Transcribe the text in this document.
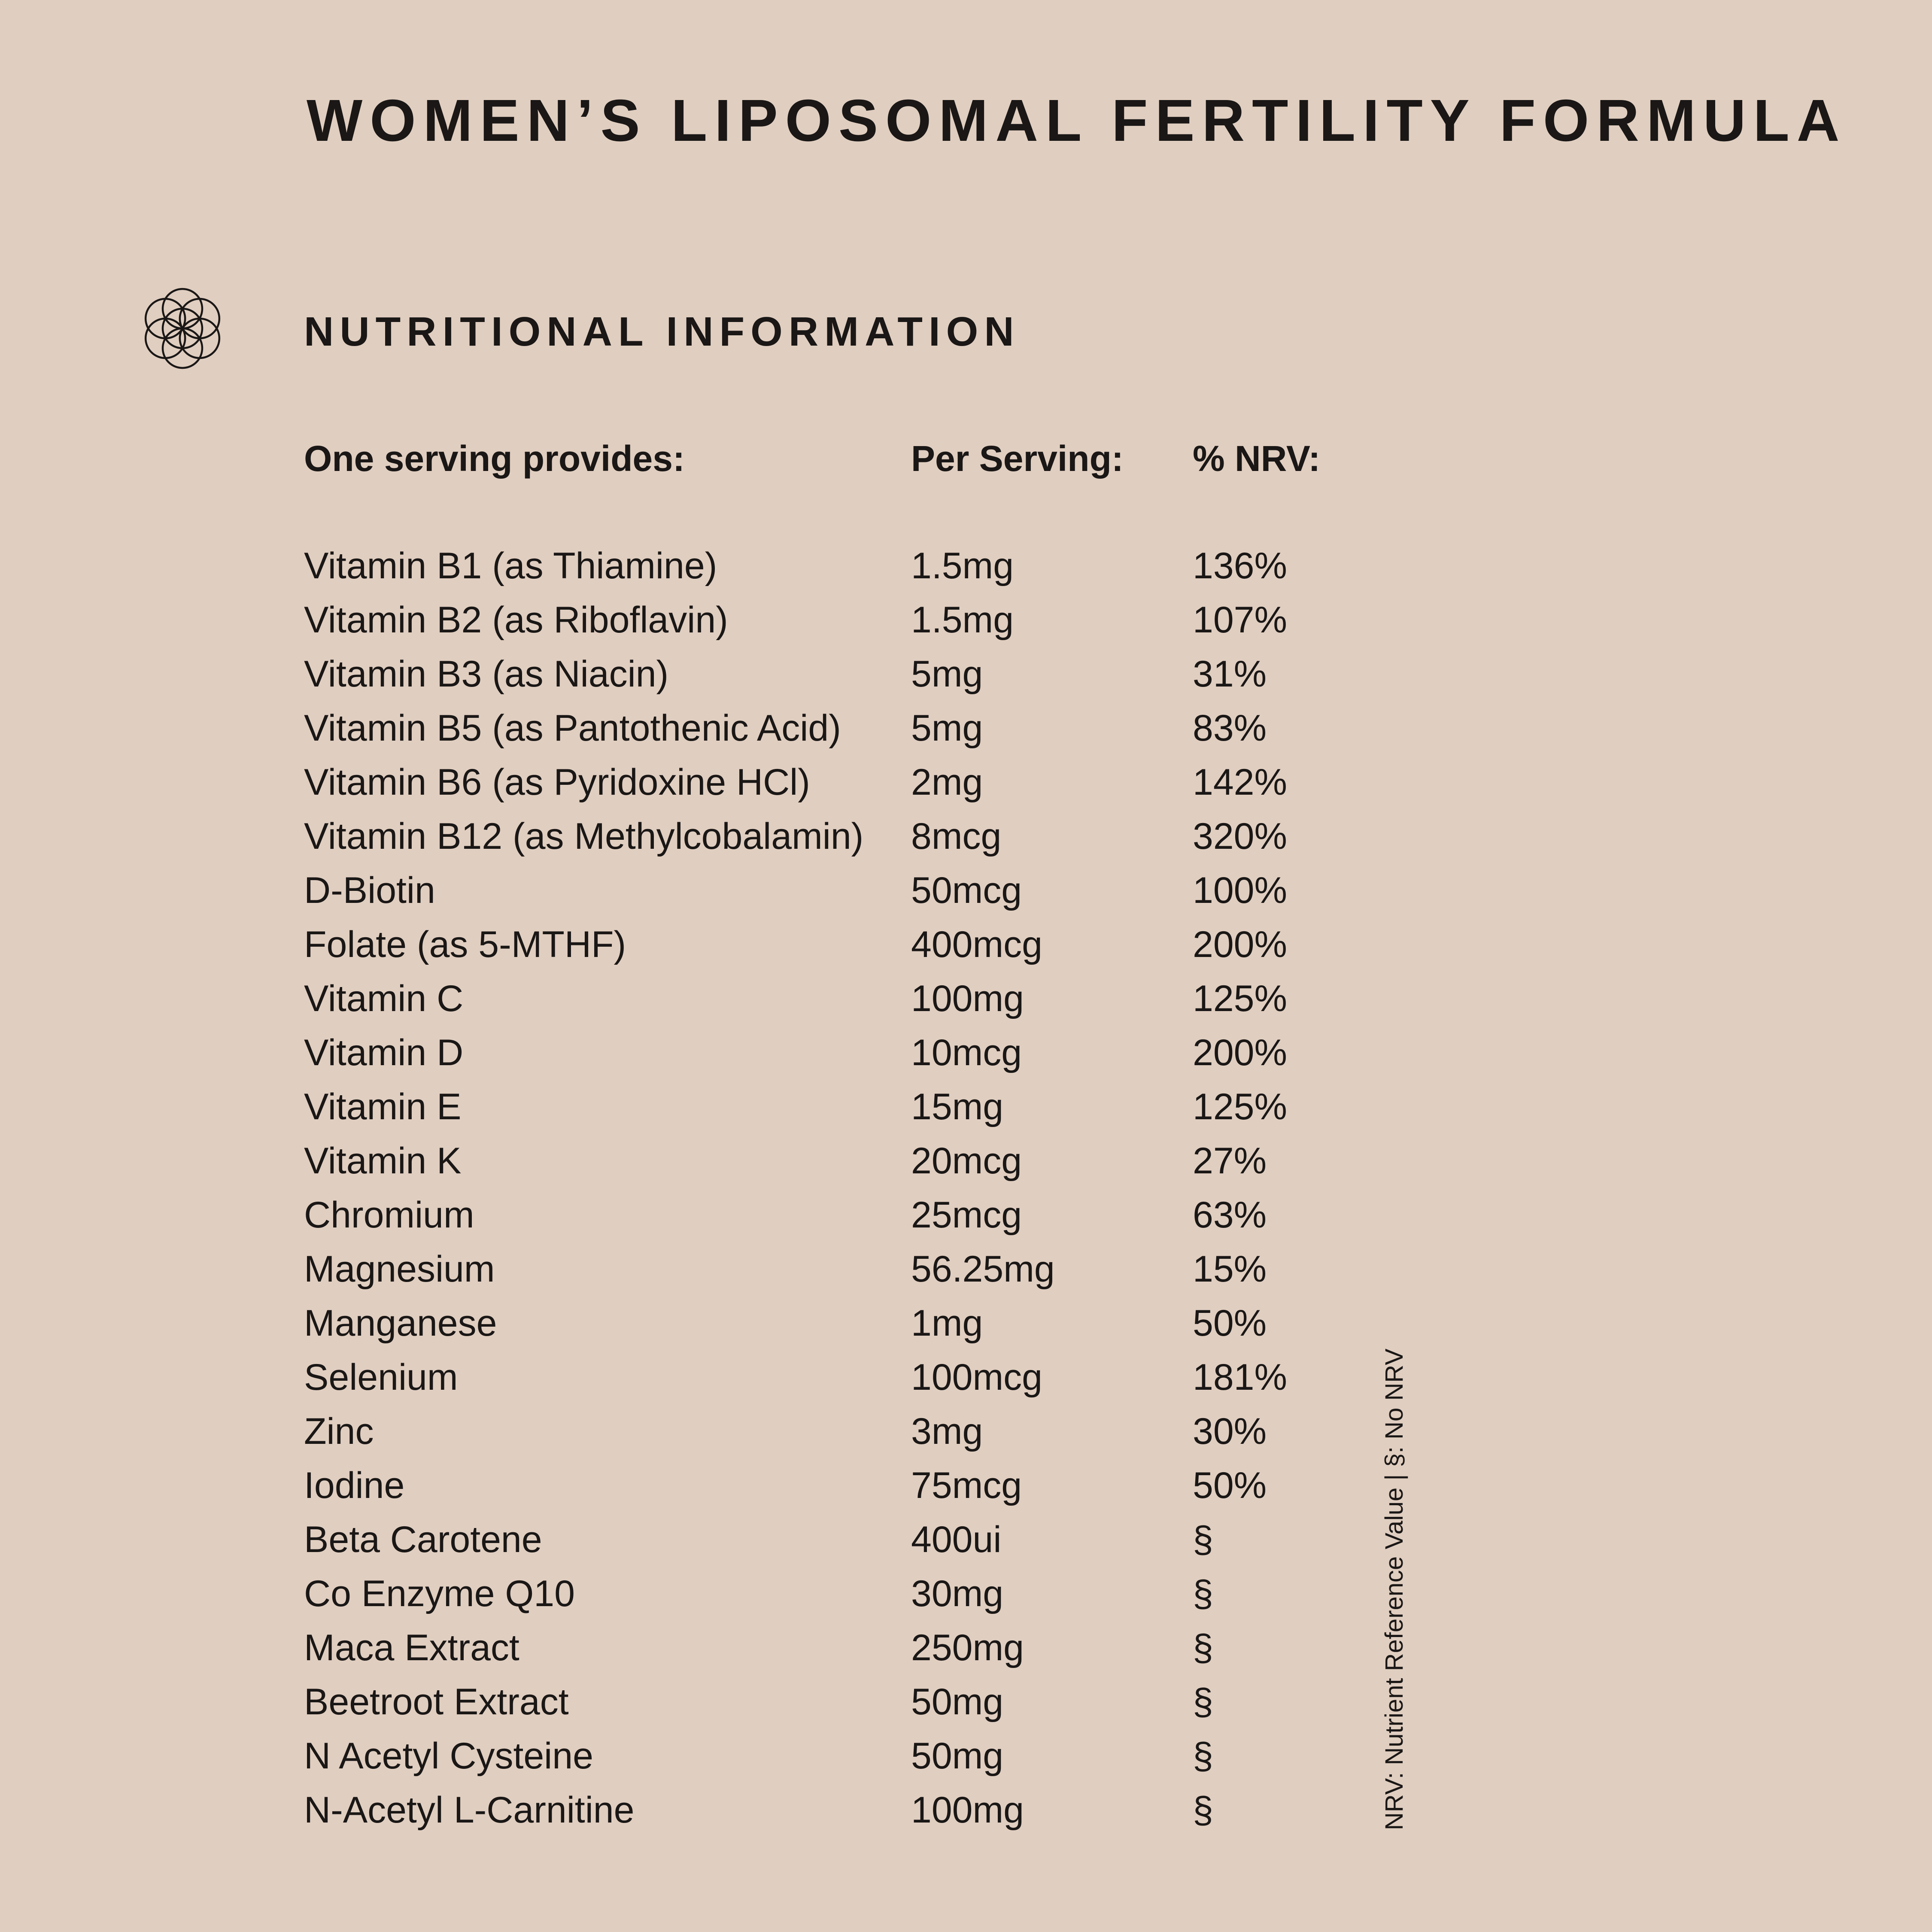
WOMEN’S LIPOSOMAL FERTILITY FORMULA
NUTRITIONAL INFORMATION
One serving provides:	Per Serving: % NRV:
Vitamin B1 (as Thiamine)	1.5mg	136%
Vitamin B2 (as Riboflavin)	1.5mg	107%
Vitamin B3 (as Niacin)	5mg	31%
Vitamin B5 (as Pantothenic Acid) 5mg	83%
Vitamin B6 (as Pyridoxine HCl)	2mg	142%
Vitamin B12 (as Methylcobalamin) 8mcg	320%
D-Biotin	50mcg	100%
Folate (as 5-MTHF)	400mcg	200%
Vitamin C	100mg	125%
Vitamin D	10mcg	200%
Vitamin E	15mg	125%
Vitamin K	20mcg	27%
Chromium	25mcg	63%
Magnesium	56.25mg	15%
Manganese	1mg	50%
Selenium	100mcg	181%
Zinc	3mg	30%
Iodine	75mcg	50%
Beta Carotene	400ui	§
Co Enzyme Q10	30mg	§
Maca Extract	250mg	§
Beetroot Extract	50mg	§
N Acetyl Cysteine	50mg	§
N-Acetyl L-Carnitine	100mg	§	NRV: Nutrient Reference Value | §: No NRV
